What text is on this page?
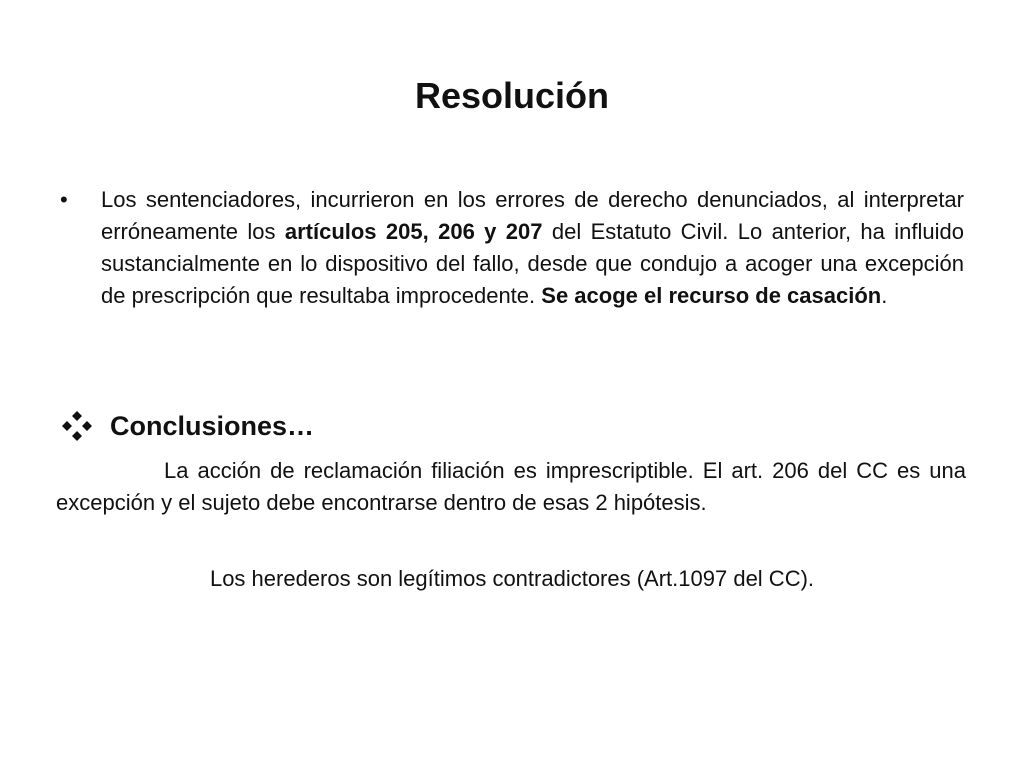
Resolución
• Los sentenciadores, incurrieron en los errores de derecho denunciados, al interpretar erróneamente los artículos 205, 206 y 207 del Estatuto Civil. Lo anterior, ha influido sustancialmente en lo dispositivo del fallo, desde que condujo a acoger una excepción de prescripción que resultaba improcedente. Se acoge el recurso de casación.

Conclusiones…

La acción de reclamación filiación es imprescriptible. El art. 206 del CC es una excepción y el sujeto debe encontrarse dentro de esas 2 hipótesis.

Los herederos son legítimos contradictores (Art.1097 del CC).
